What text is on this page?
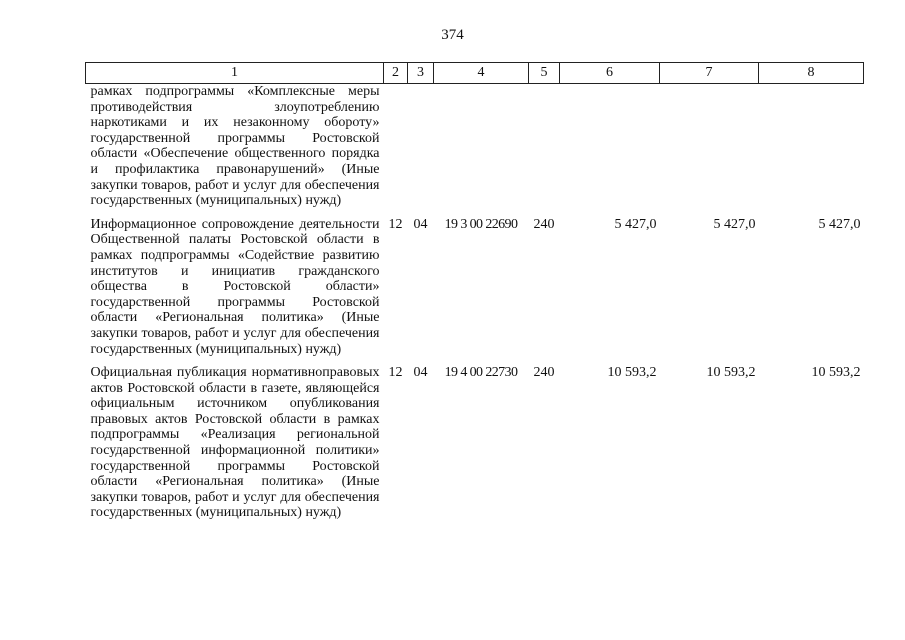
374
1	2	3	4	5	6	7	8
рамках подпрограммы «Комплексные меры противодействия злоупотреблению наркотиками и их незаконному обороту» государственной программы Ростовской области «Обеспечение общественного порядка и профилактика правонарушений» (Иные закупки товаров, работ и услуг для обеспечения государственных (муниципальных) нужд)							
Информационное сопровождение деятельности Общественной палаты Ростовской области в рамках подпрограммы «Содействие развитию институтов и инициатив гражданского общества в Ростовской области» государственной программы Ростовской области «Региональная политика» (Иные закупки товаров, работ и услуг для обеспечения государственных (муниципальных) нужд)	12	04	19 3 00 22690	240	5 427,0	5 427,0	5 427,0
Официальная публикация нормативноправовых актов Ростовской области в газете, являющейся официальным источником опубликования правовых актов Ростовской области в рамках подпрограммы «Реализация региональной государственной информационной политики» государственной программы Ростовской области «Региональная политика» (Иные закупки товаров, работ и услуг для обеспечения государственных (муниципальных) нужд)	12	04	19 4 00 22730	240	10 593,2	10 593,2	10 593,2
